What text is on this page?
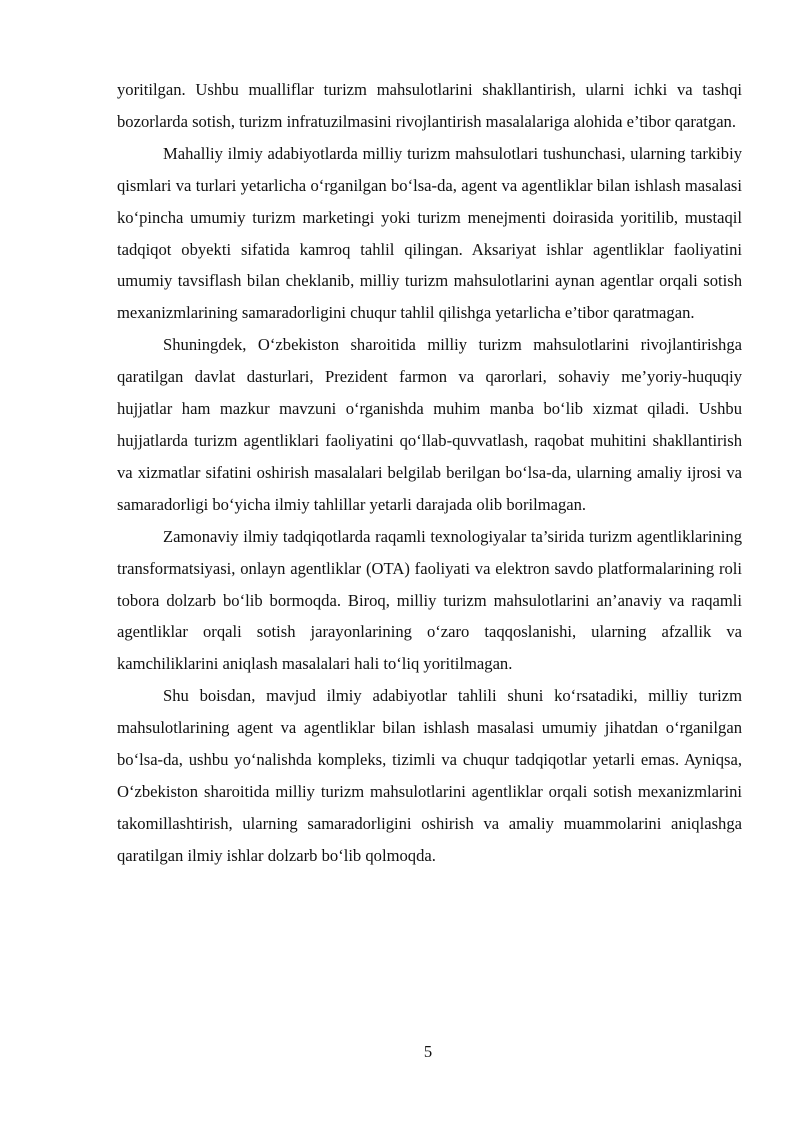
yoritilgan. Ushbu mualliflar turizm mahsulotlarini shakllantirish, ularni ichki va tashqi bozorlarda sotish, turizm infratuzilmasini rivojlantirish masalalariga alohida e’tibor qaratgan.

Mahalliy ilmiy adabiyotlarda milliy turizm mahsulotlari tushunchasi, ularning tarkibiy qismlari va turlari yetarlicha o‘rganilgan bo‘lsa-da, agent va agentliklar bilan ishlash masalasi ko‘pincha umumiy turizm marketingi yoki turizm menejmenti doirasida yoritilib, mustaqil tadqiqot obyekti sifatida kamroq tahlil qilingan. Aksariyat ishlar agentliklar faoliyatini umumiy tavsiflash bilan cheklanib, milliy turizm mahsulotlarini aynan agentlar orqali sotish mexanizmlarining samaradorligini chuqur tahlil qilishga yetarlicha e’tibor qaratmagan.

Shuningdek, O‘zbekiston sharoitida milliy turizm mahsulotlarini rivojlantirishga qaratilgan davlat dasturlari, Prezident farmon va qarorlari, sohaviy me’yoriy-huquqiy hujjatlar ham mazkur mavzuni o‘rganishda muhim manba bo‘lib xizmat qiladi. Ushbu hujjatlarda turizm agentliklari faoliyatini qo‘llab-quvvatlash, raqobat muhitini shakllantirish va xizmatlar sifatini oshirish masalalari belgilab berilgan bo‘lsa-da, ularning amaliy ijrosi va samaradorligi bo‘yicha ilmiy tahlillar yetarli darajada olib borilmagan.

Zamonaviy ilmiy tadqiqotlarda raqamli texnologiyalar ta’sirida turizm agentliklarining transformatsiyasi, onlayn agentliklar (OTA) faoliyati va elektron savdo platformalarining roli tobora dolzarb bo‘lib bormoqda. Biroq, milliy turizm mahsulotlarini an’anaviy va raqamli agentliklar orqali sotish jarayonlarining o‘zaro taqqoslanishi, ularning afzallik va kamchiliklarini aniqlash masalalari hali to‘liq yoritilmagan.

Shu boisdan, mavjud ilmiy adabiyotlar tahlili shuni ko‘rsatadiki, milliy turizm mahsulotlarining agent va agentliklar bilan ishlash masalasi umumiy jihatdan o‘rganilgan bo‘lsa-da, ushbu yo‘nalishda kompleks, tizimli va chuqur tadqiqotlar yetarli emas. Ayniqsa, O‘zbekiston sharoitida milliy turizm mahsulotlarini agentliklar orqali sotish mexanizmlarini takomillashtirish, ularning samaradorligini oshirish va amaliy muammolarini aniqlashga qaratilgan ilmiy ishlar dolzarb bo‘lib qolmoqda.

5
